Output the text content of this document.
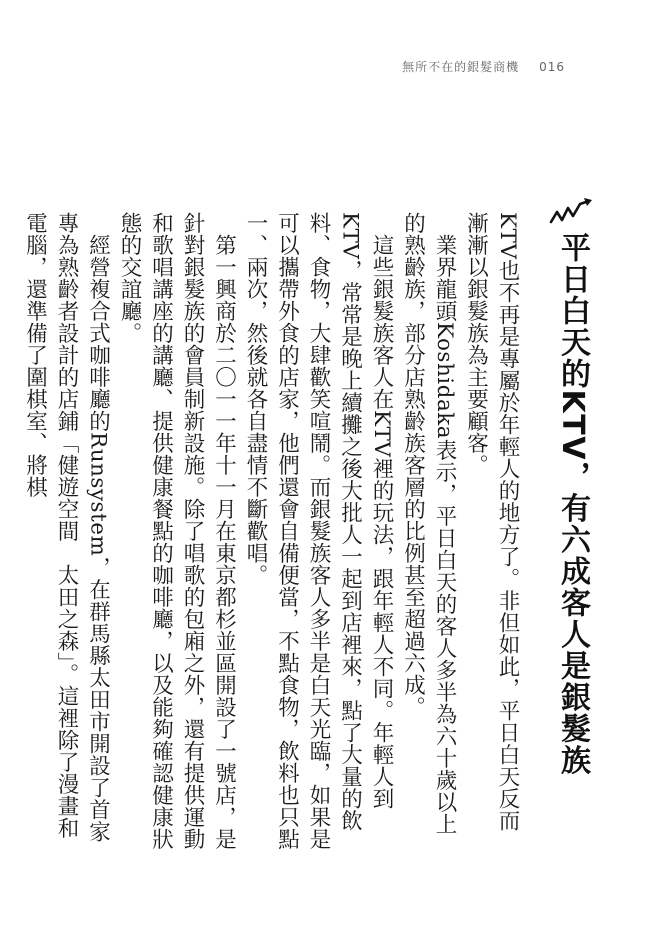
無所不在的銀髮商機 016
平日白天的KTV，有六成客人是銀髮族

KTV也不再是專屬於年輕人的地方了。非但如此，平日白天反而漸漸以銀髮族為主要顧客。

業界龍頭Koshidaka表示，平日白天的客人多半為六十歲以上的熟齡族，部分店熟齡族客層的比例甚至超過六成。

這些銀髮族客人在KTV裡的玩法，跟年輕人不同。年輕人到KTV，常常是晚上續攤之後大批人一起到店裡來，點了大量的飲料、食物，大肆歡笑喧鬧。而銀髮族客人多半是白天光臨，如果是可以攜帶外食的店家，他們還會自備便當，不點食物，飲料也只點一、兩次，然後就各自盡情不斷歡唱。

第一興商於二〇一一年十一月在東京都杉並區開設了一號店，是針對銀髮族的會員制新設施。除了唱歌的包廂之外，還有提供運動和歌唱講座的講廳、提供健康餐點的咖啡廳，以及能夠確認健康狀態的交誼廳。

經營複合式咖啡廳的Runsystem，在群馬縣太田市開設了首家專為熟齡者設計的店鋪「健遊空間　太田之森」。這裡除了漫畫和電腦，還準備了圍棋室、將棋
